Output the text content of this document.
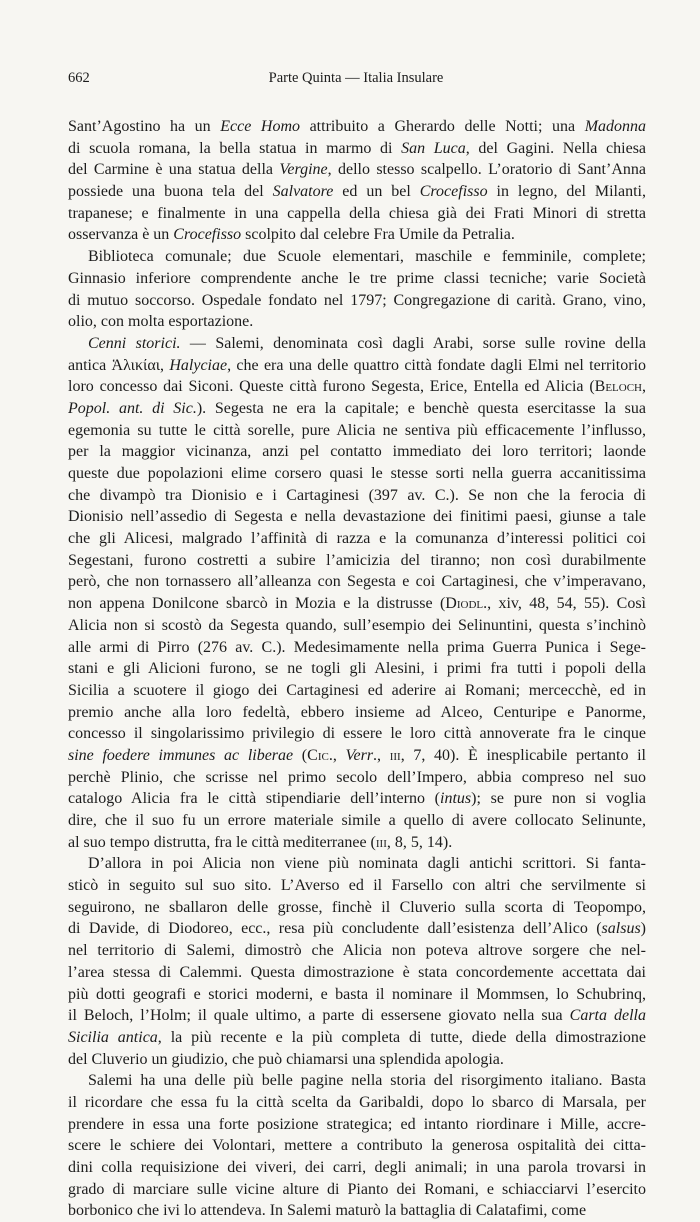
662	Parte Quinta — Italia Insulare
Sant’Agostino ha un Ecce Homo attribuito a Gherardo delle Notti; una Madonna
di scuola romana, la bella statua in marmo di San Luca, del Gagini. Nella chiesa
del Carmine è una statua della Vergine, dello stesso scalpello. L’oratorio di Sant’Anna
possiede una buona tela del Salvatore ed un bel Crocefisso in legno, del Milanti,
trapanese; e finalmente in una cappella della chiesa già dei Frati Minori di stretta
osservanza è un Crocefisso scolpito dal celebre Fra Umile da Petralia.
Biblioteca comunale; due Scuole elementari, maschile e femminile, complete;
Ginnasio inferiore comprendente anche le tre prime classi tecniche; varie Società
di mutuo soccorso. Ospedale fondato nel 1797; Congregazione di carità. Grano, vino,
olio, con molta esportazione.
Cenni storici. — Salemi, denominata così dagli Arabi, sorse sulle rovine della
antica Ἁλικίαι, Halyciae, che era una delle quattro città fondate dagli Elmi nel territorio
loro concesso dai Siconi. Queste città furono Segesta, Erice, Entella ed Alicia (Beloch,
Popol. ant. di Sic.). Segesta ne era la capitale; e benchè questa esercitasse la sua
egemonia su tutte le città sorelle, pure Alicia ne sentiva più efficacemente l’influsso,
per la maggior vicinanza, anzi pel contatto immediato dei loro territori; laonde
queste due popolazioni elime corsero quasi le stesse sorti nella guerra accanitissima
che divampò tra Dionisio e i Cartaginesi (397 av. C.). Se non che la ferocia di
Dionisio nell’assedio di Segesta e nella devastazione dei finitimi paesi, giunse a tale
che gli Alicesi, malgrado l’affinità di razza e la comunanza d’interessi politici coi
Segestani, furono costretti a subire l’amicizia del tiranno; non così durabilmente
però, che non tornassero all’alleanza con Segesta e coi Cartaginesi, che v’imperavano,
non appena Donilcone sbarcò in Mozia e la distrusse (Diodl., xiv, 48, 54, 55). Così
Alicia non si scostò da Segesta quando, sull’esempio dei Selinuntini, questa s’inchinò
alle armi di Pirro (276 av. C.). Medesimamente nella prima Guerra Punica i Sege-
stani e gli Alicioni furono, se ne togli gli Alesini, i primi fra tutti i popoli della
Sicilia a scuotere il giogo dei Cartaginesi ed aderire ai Romani; mercecchè, ed in
premio anche alla loro fedeltà, ebbero insieme ad Alceo, Centuripe e Panorme,
concesso il singolarissimo privilegio di essere le loro città annoverate fra le cinque
sine foedere immunes ac liberae (Cic., Verr., iii, 7, 40). È inesplicabile pertanto il
perchè Plinio, che scrisse nel primo secolo dell’Impero, abbia compreso nel suo
catalogo Alicia fra le città stipendiarie dell’interno (intus); se pure non si voglia
dire, che il suo fu un errore materiale simile a quello di avere collocato Selinunte,
al suo tempo distrutta, fra le città mediterranee (iii, 8, 5, 14).
D’allora in poi Alicia non viene più nominata dagli antichi scrittori. Si fanta-
sticò in seguito sul suo sito. L’Averso ed il Farsello con altri che servilmente si
seguirono, ne sballaron delle grosse, finchè il Cluverio sulla scorta di Teopompo,
di Davide, di Diodoreo, ecc., resa più concludente dall’esistenza dell’Alico (salsus)
nel territorio di Salemi, dimostrò che Alicia non poteva altrove sorgere che nel-
l’area stessa di Calemmi. Questa dimostrazione è stata concordemente accettata dai
più dotti geografi e storici moderni, e basta il nominare il Mommsen, lo Schubrinq,
il Beloch, l’Holm; il quale ultimo, a parte di essersene giovato nella sua Carta della
Sicilia antica, la più recente e la più completa di tutte, diede della dimostrazione
del Cluverio un giudizio, che può chiamarsi una splendida apologia.
Salemi ha una delle più belle pagine nella storia del risorgimento italiano. Basta
il ricordare che essa fu la città scelta da Garibaldi, dopo lo sbarco di Marsala, per
prendere in essa una forte posizione strategica; ed intanto riordinare i Mille, accre-
scere le schiere dei Volontari, mettere a contributo la generosa ospitalità dei citta-
dini colla requisizione dei viveri, dei carri, degli animali; in una parola trovarsi in
grado di marciare sulle vicine alture di Pianto dei Romani, e schiacciarvi l’esercito
borbonico che ivi lo attendeva. In Salemi maturò la battaglia di Calatafimi, come
